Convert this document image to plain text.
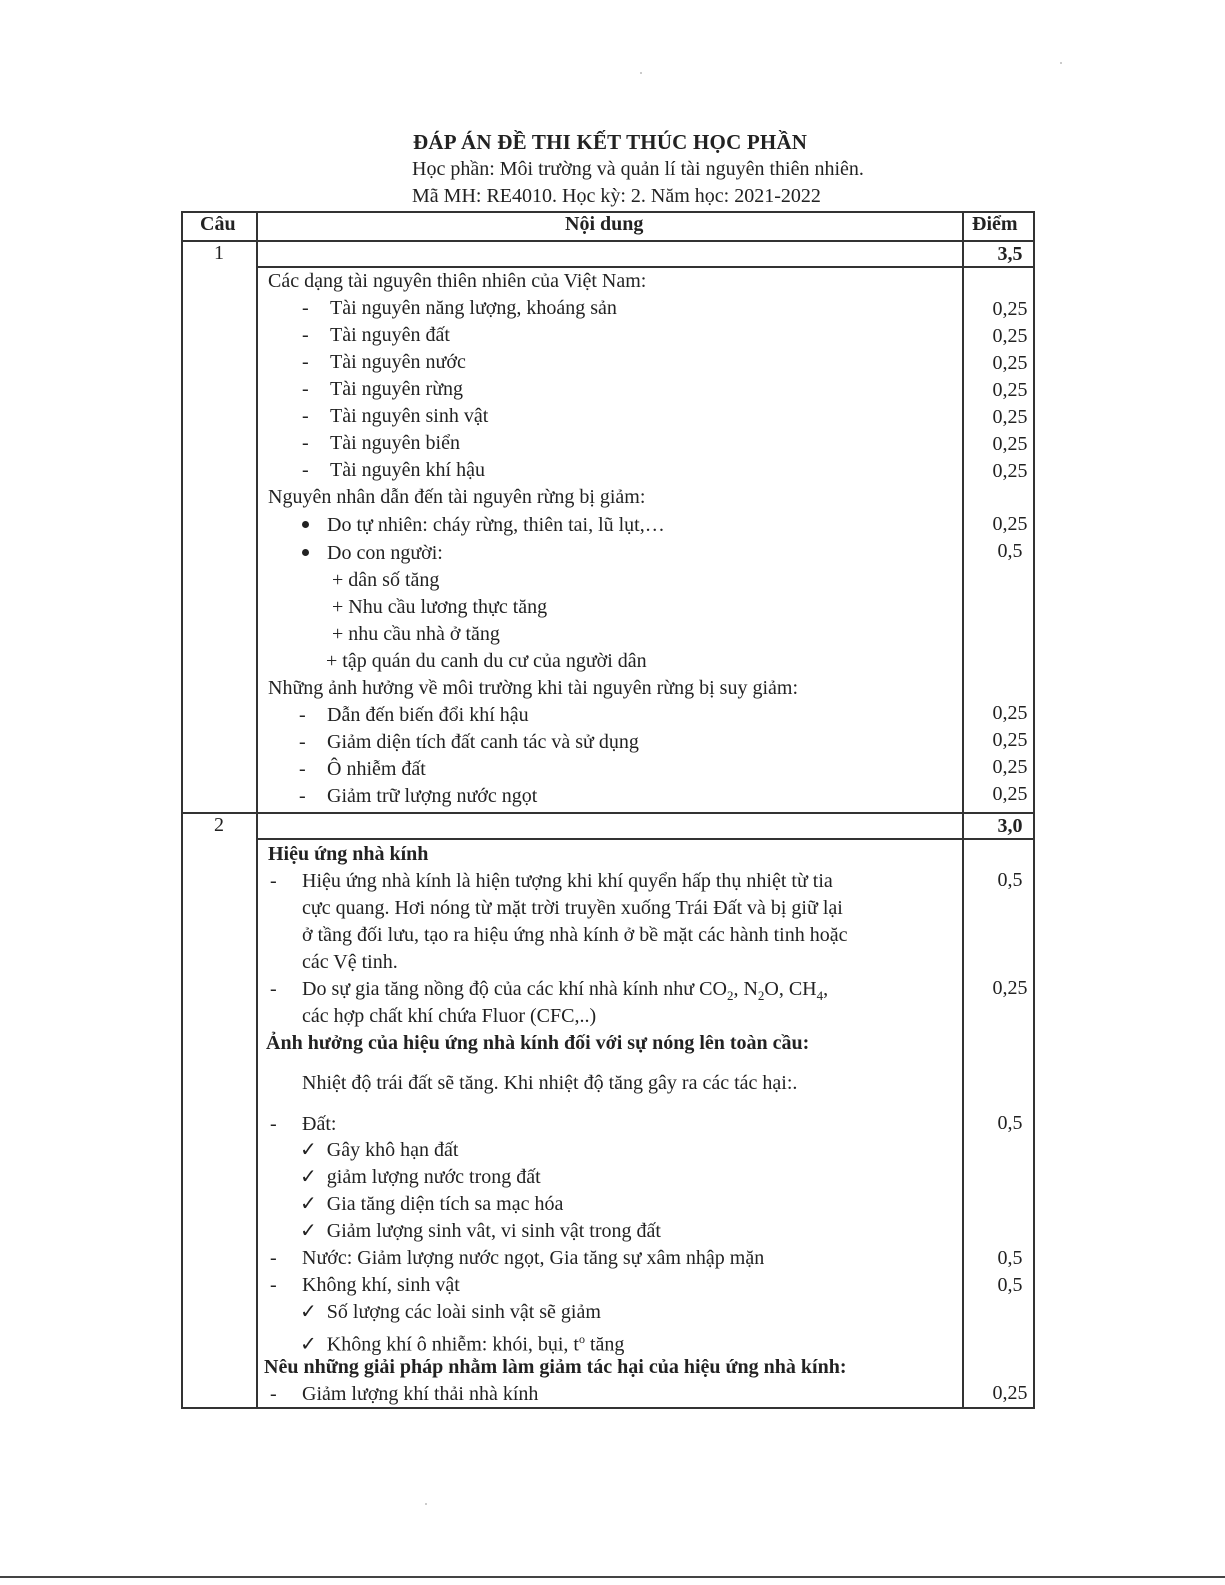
ĐÁP ÁN ĐỀ THI KẾT THÚC HỌC PHẦN
Học phần: Môi trường và quản lí tài nguyên thiên nhiên.
Mã MH: RE4010. Học kỳ: 2. Năm học: 2021-2022
Câu	Nội dung	Điểm
1	3,5
Các dạng tài nguyên thiên nhiên của Việt Nam:
- Tài nguyên năng lượng, khoáng sản	0,25
- Tài nguyên đất	0,25
- Tài nguyên nước	0,25
- Tài nguyên rừng	0,25
- Tài nguyên sinh vật	0,25
- Tài nguyên biển	0,25
- Tài nguyên khí hậu	0,25
Nguyên nhân dẫn đến tài nguyên rừng bị giảm:
Do tự nhiên: cháy rừng, thiên tai, lũ lụt,…	0,25
Do con người:	0,5
+ dân số tăng
+ Nhu cầu lương thực tăng
+ nhu cầu nhà ở tăng
+ tập quán du canh du cư của người dân
Những ảnh hưởng về môi trường khi tài nguyên rừng bị suy giảm:
- Dẫn đến biến đổi khí hậu	0,25
- Giảm diện tích đất canh tác và sử dụng	0,25
- Ô nhiễm đất	0,25
- Giảm trữ lượng nước ngọt	0,25
2	3,0
Hiệu ứng nhà kính
- Hiệu ứng nhà kính là hiện tượng khi khí quyển hấp thụ nhiệt từ tia
cực quang. Hơi nóng từ mặt trời truyền xuống Trái Đất và bị giữ lại
ở tầng đối lưu, tạo ra hiệu ứng nhà kính ở bề mặt các hành tinh hoặc
các Vệ tinh.
0,5
- Do sự gia tăng nồng độ của các khí nhà kính như $CO_2$, $N_2O$, $CH_4$,
các hợp chất khí chứa Fluor (CFC,..)
0,25
Ảnh hưởng của hiệu ứng nhà kính đối với sự nóng lên toàn cầu:
Nhiệt độ trái đất sẽ tăng. Khi nhiệt độ tăng gây ra các tác hại:.
- Đất:	0,5
✓ Gây khô hạn đất
✓ giảm lượng nước trong đất
✓ Gia tăng diện tích sa mạc hóa
✓ Giảm lượng sinh vât, vi sinh vật trong đất
- Nước: Giảm lượng nước ngọt, Gia tăng sự xâm nhập mặn	0,5
- Không khí, sinh vật	0,5
✓ Số lượng các loài sinh vật sẽ giảm
✓ Không khí ô nhiễm: khói, bụi, $t^o$ tăng
Nêu những giải pháp nhằm làm giảm tác hại của hiệu ứng nhà kính:
- Giảm lượng khí thải nhà kính	0,25
